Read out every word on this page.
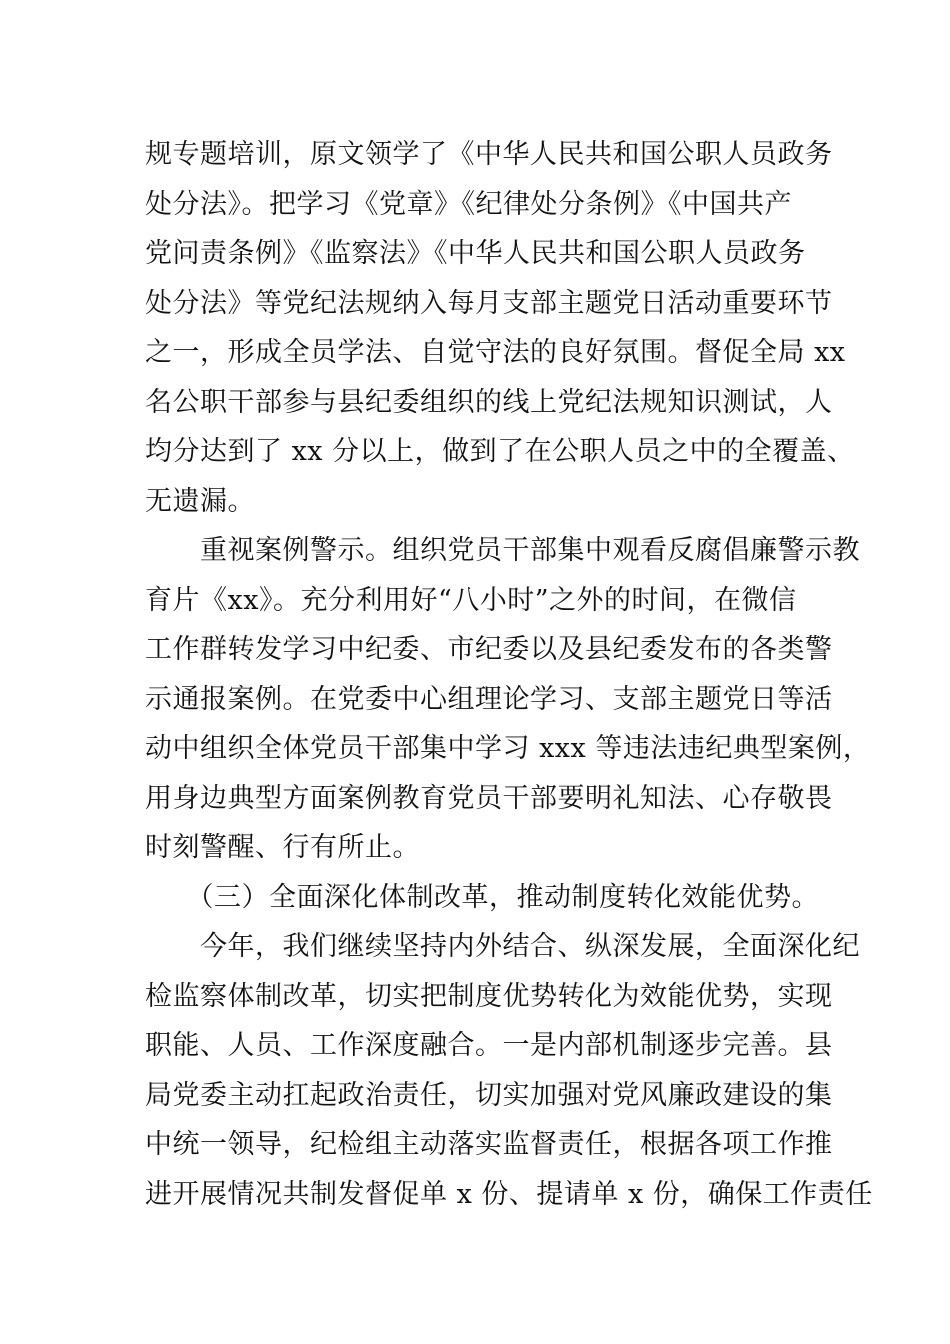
规专题培训，原文领学了《中华人民共和国公职人员政务
处分法》。把学习《党章》《纪律处分条例》《中国共产
党问责条例》《监察法》《中华人民共和国公职人员政务
处分法》等党纪法规纳入每月支部主题党日活动重要环节
之一，形成全员学法、自觉守法的良好氛围。督促全局 xx
名公职干部参与县纪委组织的线上党纪法规知识测试，人
均分达到了 xx 分以上，做到了在公职人员之中的全覆盖、
无遗漏。
　　重视案例警示。组织党员干部集中观看反腐倡廉警示教
育片《xx》。充分利用好“八小时”之外的时间，在微信
工作群转发学习中纪委、市纪委以及县纪委发布的各类警
示通报案例。在党委中心组理论学习、支部主题党日等活
动中组织全体党员干部集中学习 xxx 等违法违纪典型案例，
用身边典型方面案例教育党员干部要明礼知法、心存敬畏
时刻警醒、行有所止。
　　（三）全面深化体制改革，推动制度转化效能优势。
　　今年，我们继续坚持内外结合、纵深发展，全面深化纪
检监察体制改革，切实把制度优势转化为效能优势，实现
职能、人员、工作深度融合。一是内部机制逐步完善。县
局党委主动扛起政治责任，切实加强对党风廉政建设的集
中统一领导，纪检组主动落实监督责任，根据各项工作推
进开展情况共制发督促单 x 份、提请单 x 份，确保工作责任
